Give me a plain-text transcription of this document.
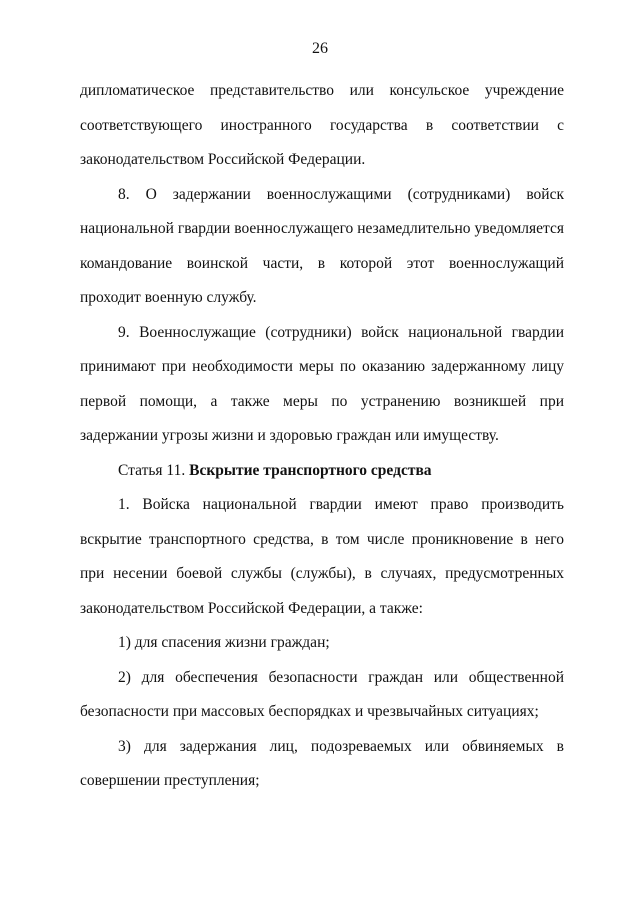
26

дипломатическое представительство или консульское учреждение соответствующего иностранного государства в соответствии с законодательством Российской Федерации.

8. О задержании военнослужащими (сотрудниками) войск национальной гвардии военнослужащего незамедлительно уведомляется командование воинской части, в которой этот военнослужащий проходит военную службу.

9. Военнослужащие (сотрудники) войск национальной гвардии принимают при необходимости меры по оказанию задержанному лицу первой помощи, а также меры по устранению возникшей при задержании угрозы жизни и здоровью граждан или имуществу.

Статья 11. Вскрытие транспортного средства

1. Войска национальной гвардии имеют право производить вскрытие транспортного средства, в том числе проникновение в него при несении боевой службы (службы), в случаях, предусмотренных законодательством Российской Федерации, а также:

1) для спасения жизни граждан;

2) для обеспечения безопасности граждан или общественной безопасности при массовых беспорядках и чрезвычайных ситуациях;

3) для задержания лиц, подозреваемых или обвиняемых в совершении преступления;
